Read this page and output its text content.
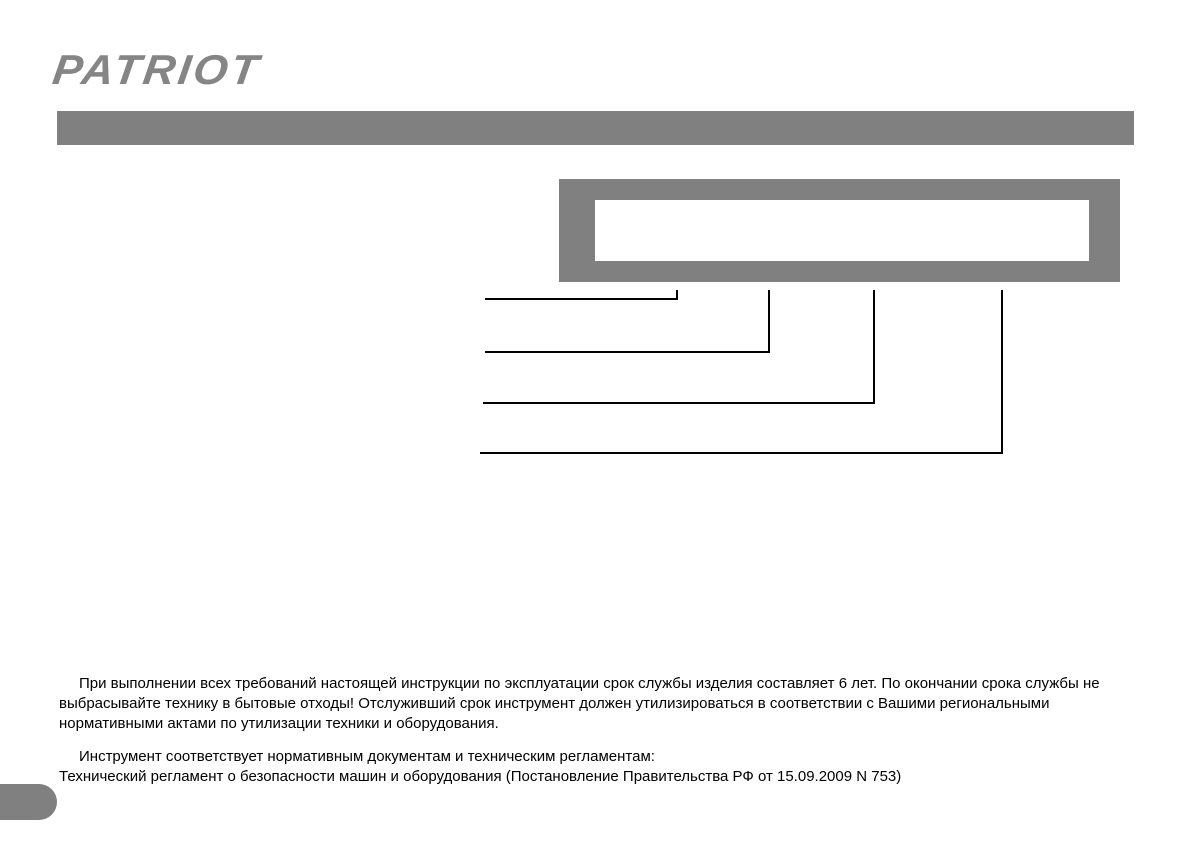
PATRIOT

При выполнении всех требований настоящей инструкции по эксплуатации срок службы изделия составляет 6 лет. По окончании срока службы не выбрасывайте технику в бытовые отходы! Отслуживший срок инструмент должен утилизироваться в соответствии с Вашими региональными нормативными актами по утилизации техники и оборудования.

Инструмент соответствует нормативным документам и техническим регламентам:
Технический регламент о безопасности машин и оборудования (Постановление Правительства РФ от 15.09.2009 N 753)
